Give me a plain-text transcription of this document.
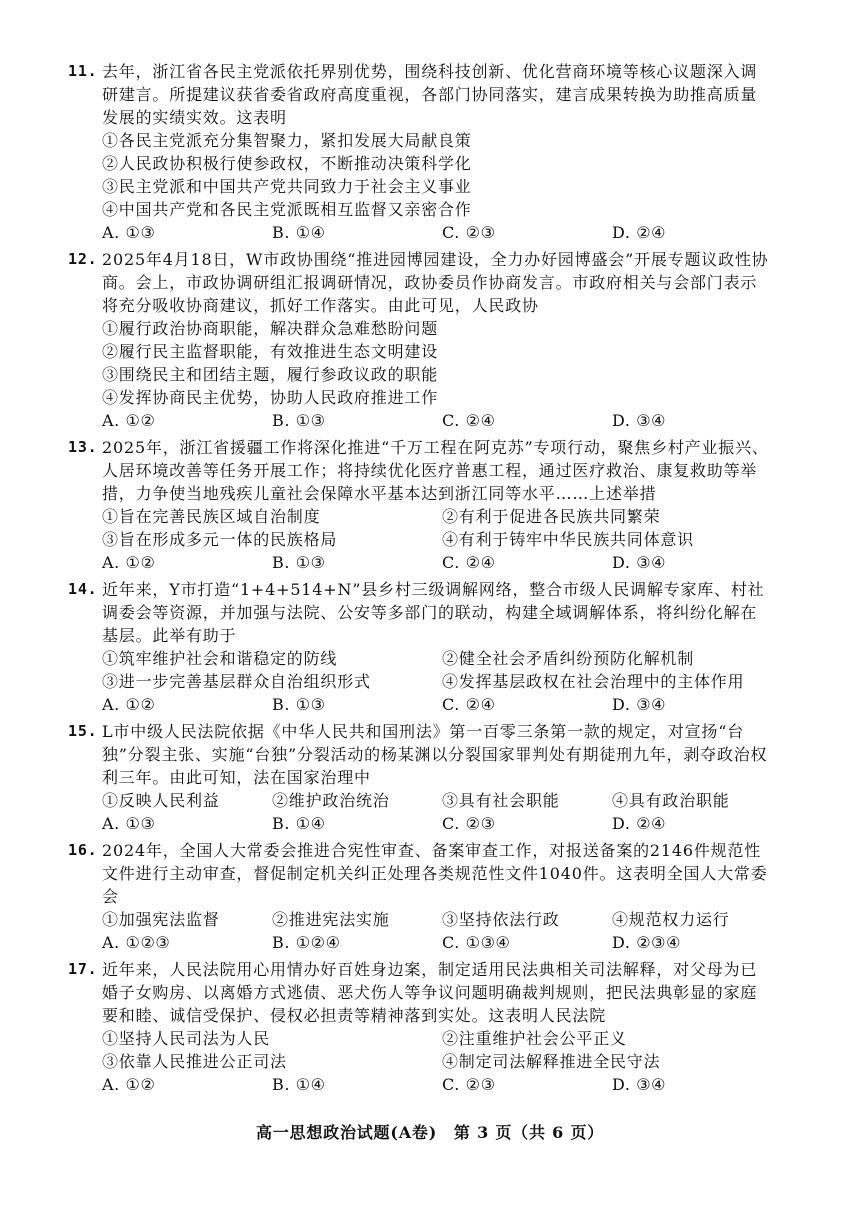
11. 去年，浙江省各民主党派依托界别优势，围绕科技创新、优化营商环境等核心议题深入调研建言。所提建议获省委省政府高度重视，各部门协同落实，建言成果转换为助推高质量发展的实绩实效。这表明
①各民主党派充分集智聚力，紧扣发展大局献良策
②人民政协积极行使参政权，不断推动决策科学化
③民主党派和中国共产党共同致力于社会主义事业
④中国共产党和各民主党派既相互监督又亲密合作
A. ①③	B. ①④	C. ②③	D. ②④
12. 2025年4月18日，W市政协围绕“推进园博园建设，全力办好园博盛会”开展专题议政性协商。会上，市政协调研组汇报调研情况，政协委员作协商发言。市政府相关与会部门表示将充分吸收协商建议，抓好工作落实。由此可见，人民政协
①履行政治协商职能，解决群众急难愁盼问题
②履行民主监督职能，有效推进生态文明建设
③围绕民主和团结主题，履行参政议政的职能
④发挥协商民主优势，协助人民政府推进工作
A. ①②	B. ①③	C. ②④	D. ③④
13. 2025年，浙江省援疆工作将深化推进“千万工程在阿克苏”专项行动，聚焦乡村产业振兴、人居环境改善等任务开展工作；将持续优化医疗普惠工程，通过医疗救治、康复救助等举措，力争使当地残疾儿童社会保障水平基本达到浙江同等水平……上述举措
①旨在完善民族区域自治制度	②有利于促进各民族共同繁荣
③旨在形成多元一体的民族格局	④有利于铸牢中华民族共同体意识
A. ①②	B. ①③	C. ②④	D. ③④
14. 近年来，Y市打造“1+4+514+N”县乡村三级调解网络，整合市级人民调解专家库、村社调委会等资源，并加强与法院、公安等多部门的联动，构建全域调解体系，将纠纷化解在基层。此举有助于
①筑牢维护社会和谐稳定的防线	②健全社会矛盾纠纷预防化解机制
③进一步完善基层群众自治组织形式	④发挥基层政权在社会治理中的主体作用
A. ①②	B. ①③	C. ②④	D. ③④
15. L市中级人民法院依据《中华人民共和国刑法》第一百零三条第一款的规定，对宣扬“台独”分裂主张、实施“台独”分裂活动的杨某渊以分裂国家罪判处有期徒刑九年，剥夺政治权利三年。由此可知，法在国家治理中
①反映人民利益	②维护政治统治	③具有社会职能	④具有政治职能
A. ①③	B. ①④	C. ②③	D. ②④
16. 2024年，全国人大常委会推进合宪性审查、备案审查工作，对报送备案的2146件规范性文件进行主动审查，督促制定机关纠正处理各类规范性文件1040件。这表明全国人大常委会
①加强宪法监督	②推进宪法实施	③坚持依法行政	④规范权力运行
A. ①②③	B. ①②④	C. ①③④	D. ②③④
17. 近年来，人民法院用心用情办好百姓身边案，制定适用民法典相关司法解释，对父母为已婚子女购房、以离婚方式逃债、恶犬伤人等争议问题明确裁判规则，把民法典彰显的家庭要和睦、诚信受保护、侵权必担责等精神落到实处。这表明人民法院
①坚持人民司法为人民	②注重维护社会公平正义
③依靠人民推进公正司法	④制定司法解释推进全民守法
A. ①②	B. ①④	C. ②③	D. ③④
高一思想政治试题(A卷)　第 3 页（共 6 页）
